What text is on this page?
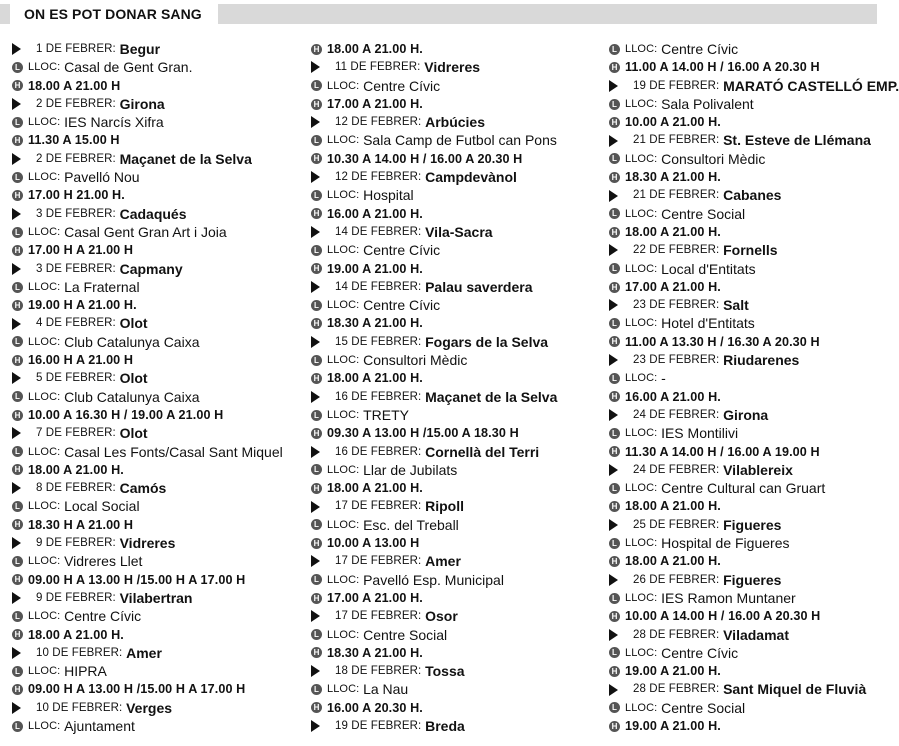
ON ES POT DONAR SANG
1 DE FEBRER:
Begur
L LLOC:
Casal de Gent Gran.
H 18.00 A 21.00 H
2 DE FEBRER:
Girona
L LLOC:
IES Narcís Xifra
H 11.30 A 15.00 H
2 DE FEBRER:
Maçanet de la Selva
L LLOC:
Pavelló Nou
H 17.00 H 21.00 H.
3 DE FEBRER:
Cadaqués
L LLOC:
Casal Gent Gran Art i Joia
H 17.00 H A 21.00 H
3 DE FEBRER:
Capmany
L LLOC:
La Fraternal
H 19.00 H A 21.00 H.
4 DE FEBRER:
Olot
L LLOC:
Club Catalunya Caixa
H 16.00 H A 21.00 H
5 DE FEBRER:
Olot
L LLOC:
Club Catalunya Caixa
H 10.00 A 16.30 H / 19.00 A 21.00 H
7 DE FEBRER:
Olot
L LLOC:
Casal Les Fonts/Casal Sant Miquel
H 18.00 A 21.00 H.
8 DE FEBRER:
Camós
L LLOC:
Local Social
H 18.30 H A 21.00 H
9 DE FEBRER:
Vidreres
L LLOC:
Vidreres Llet
H 09.00 H A 13.00 H /15.00 H A 17.00 H
9 DE FEBRER:
Vilabertran
L LLOC:
Centre Cívic
H 18.00 A 21.00 H.
10 DE FEBRER:
Amer
L LLOC:
HIPRA
H 09.00 H A 13.00 H /15.00 H A 17.00 H
10 DE FEBRER:
Verges
L LLOC:
Ajuntament
H 18.00 A 21.00 H.
11 DE FEBRER:
Vidreres
L LLOC:
Centre Cívic
H 17.00 A 21.00 H.
12 DE FEBRER:
Arbúcies
L LLOC:
Sala Camp de Futbol can Pons
H 10.30 A 14.00 H / 16.00 A 20.30 H
12 DE FEBRER:
Campdevànol
L LLOC:
Hospital
H 16.00 A 21.00 H.
14 DE FEBRER:
Vila-Sacra
L LLOC:
Centre Cívic
H 19.00 A 21.00 H.
14 DE FEBRER:
Palau saverdera
L LLOC:
Centre Cívic
H 18.30 A 21.00 H.
15 DE FEBRER:
Fogars de la Selva
L LLOC:
Consultori Mèdic
H 18.00 A 21.00 H.
16 DE FEBRER:
Maçanet de la Selva
L LLOC:
TRETY
H 09.30 A 13.00 H /15.00 A 18.30 H
16 DE FEBRER:
Cornellà del Terri
L LLOC:
Llar de Jubilats
H 18.00 A 21.00 H.
17 DE FEBRER:
Ripoll
L LLOC:
Esc. del Treball
H 10.00 A 13.00 H
17 DE FEBRER:
Amer
L LLOC:
Pavelló Esp. Municipal
H 17.00 A 21.00 H.
17 DE FEBRER:
Osor
L LLOC:
Centre Social
H 18.30 A 21.00 H.
18 DE FEBRER:
Tossa
L LLOC:
La Nau
H 16.00 A 20.30 H.
19 DE FEBRER:
Breda
L LLOC:
Centre Cívic
H 11.00 A 14.00 H / 16.00 A 20.30 H
19 DE FEBRER:
MARATÓ CASTELLÓ EMP.
L LLOC:
Sala Polivalent
H 10.00 A 21.00 H.
21 DE FEBRER:
St. Esteve de Llémana
L LLOC:
Consultori Mèdic
H 18.30 A 21.00 H.
21 DE FEBRER:
Cabanes
L LLOC:
Centre Social
H 18.00 A 21.00 H.
22 DE FEBRER:
Fornells
L LLOC:
Local d'Entitats
H 17.00 A 21.00 H.
23 DE FEBRER:
Salt
L LLOC:
Hotel d'Entitats
H 11.00 A 13.30 H / 16.30 A 20.30 H
23 DE FEBRER:
Riudarenes
L LLOC:
-
H 16.00 A 21.00 H.
24 DE FEBRER:
Girona
L LLOC:
IES Montilivi
H 11.30 A 14.00 H / 16.00 A 19.00 H
24 DE FEBRER:
Vilablereix
L LLOC:
Centre Cultural can Gruart
H 18.00 A 21.00 H.
25 DE FEBRER:
Figueres
L LLOC:
Hospital de Figueres
H 18.00 A 21.00 H.
26 DE FEBRER:
Figueres
L LLOC:
IES Ramon Muntaner
H 10.00 A 14.00 H / 16.00 A 20.30 H
28 DE FEBRER:
Viladamat
L LLOC:
Centre Cívic
H 19.00 A 21.00 H.
28 DE FEBRER:
Sant Miquel de Fluvià
L LLOC:
Centre Social
H 19.00 A 21.00 H.
